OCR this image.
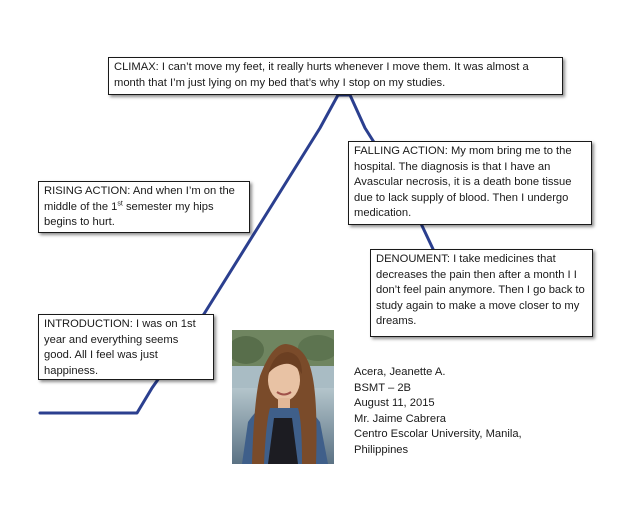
CLIMAX: I can’t move my feet, it really hurts whenever I move them. It was almost a month that I’m just lying on my bed that’s why I stop on my studies.
FALLING ACTION: My mom bring me to the hospital. The diagnosis is that I have an Avascular necrosis, it is a death bone tissue due to lack supply of blood. Then I undergo medication.
RISING ACTION: And when I’m on the middle of the 1st semester my hips begins to hurt.
DENOUMENT: I take medicines that decreases the pain then after a month I I don’t feel pain anymore. Then I go back to study again to make a move closer to my dreams.
INTRODUCTION: I was on 1st year and everything seems good. All I feel was just happiness.	Acera, Jeanette A.
BSMT – 2B
August 11, 2015
Mr. Jaime Cabrera
Centro Escolar University, Manila,
Philippines
